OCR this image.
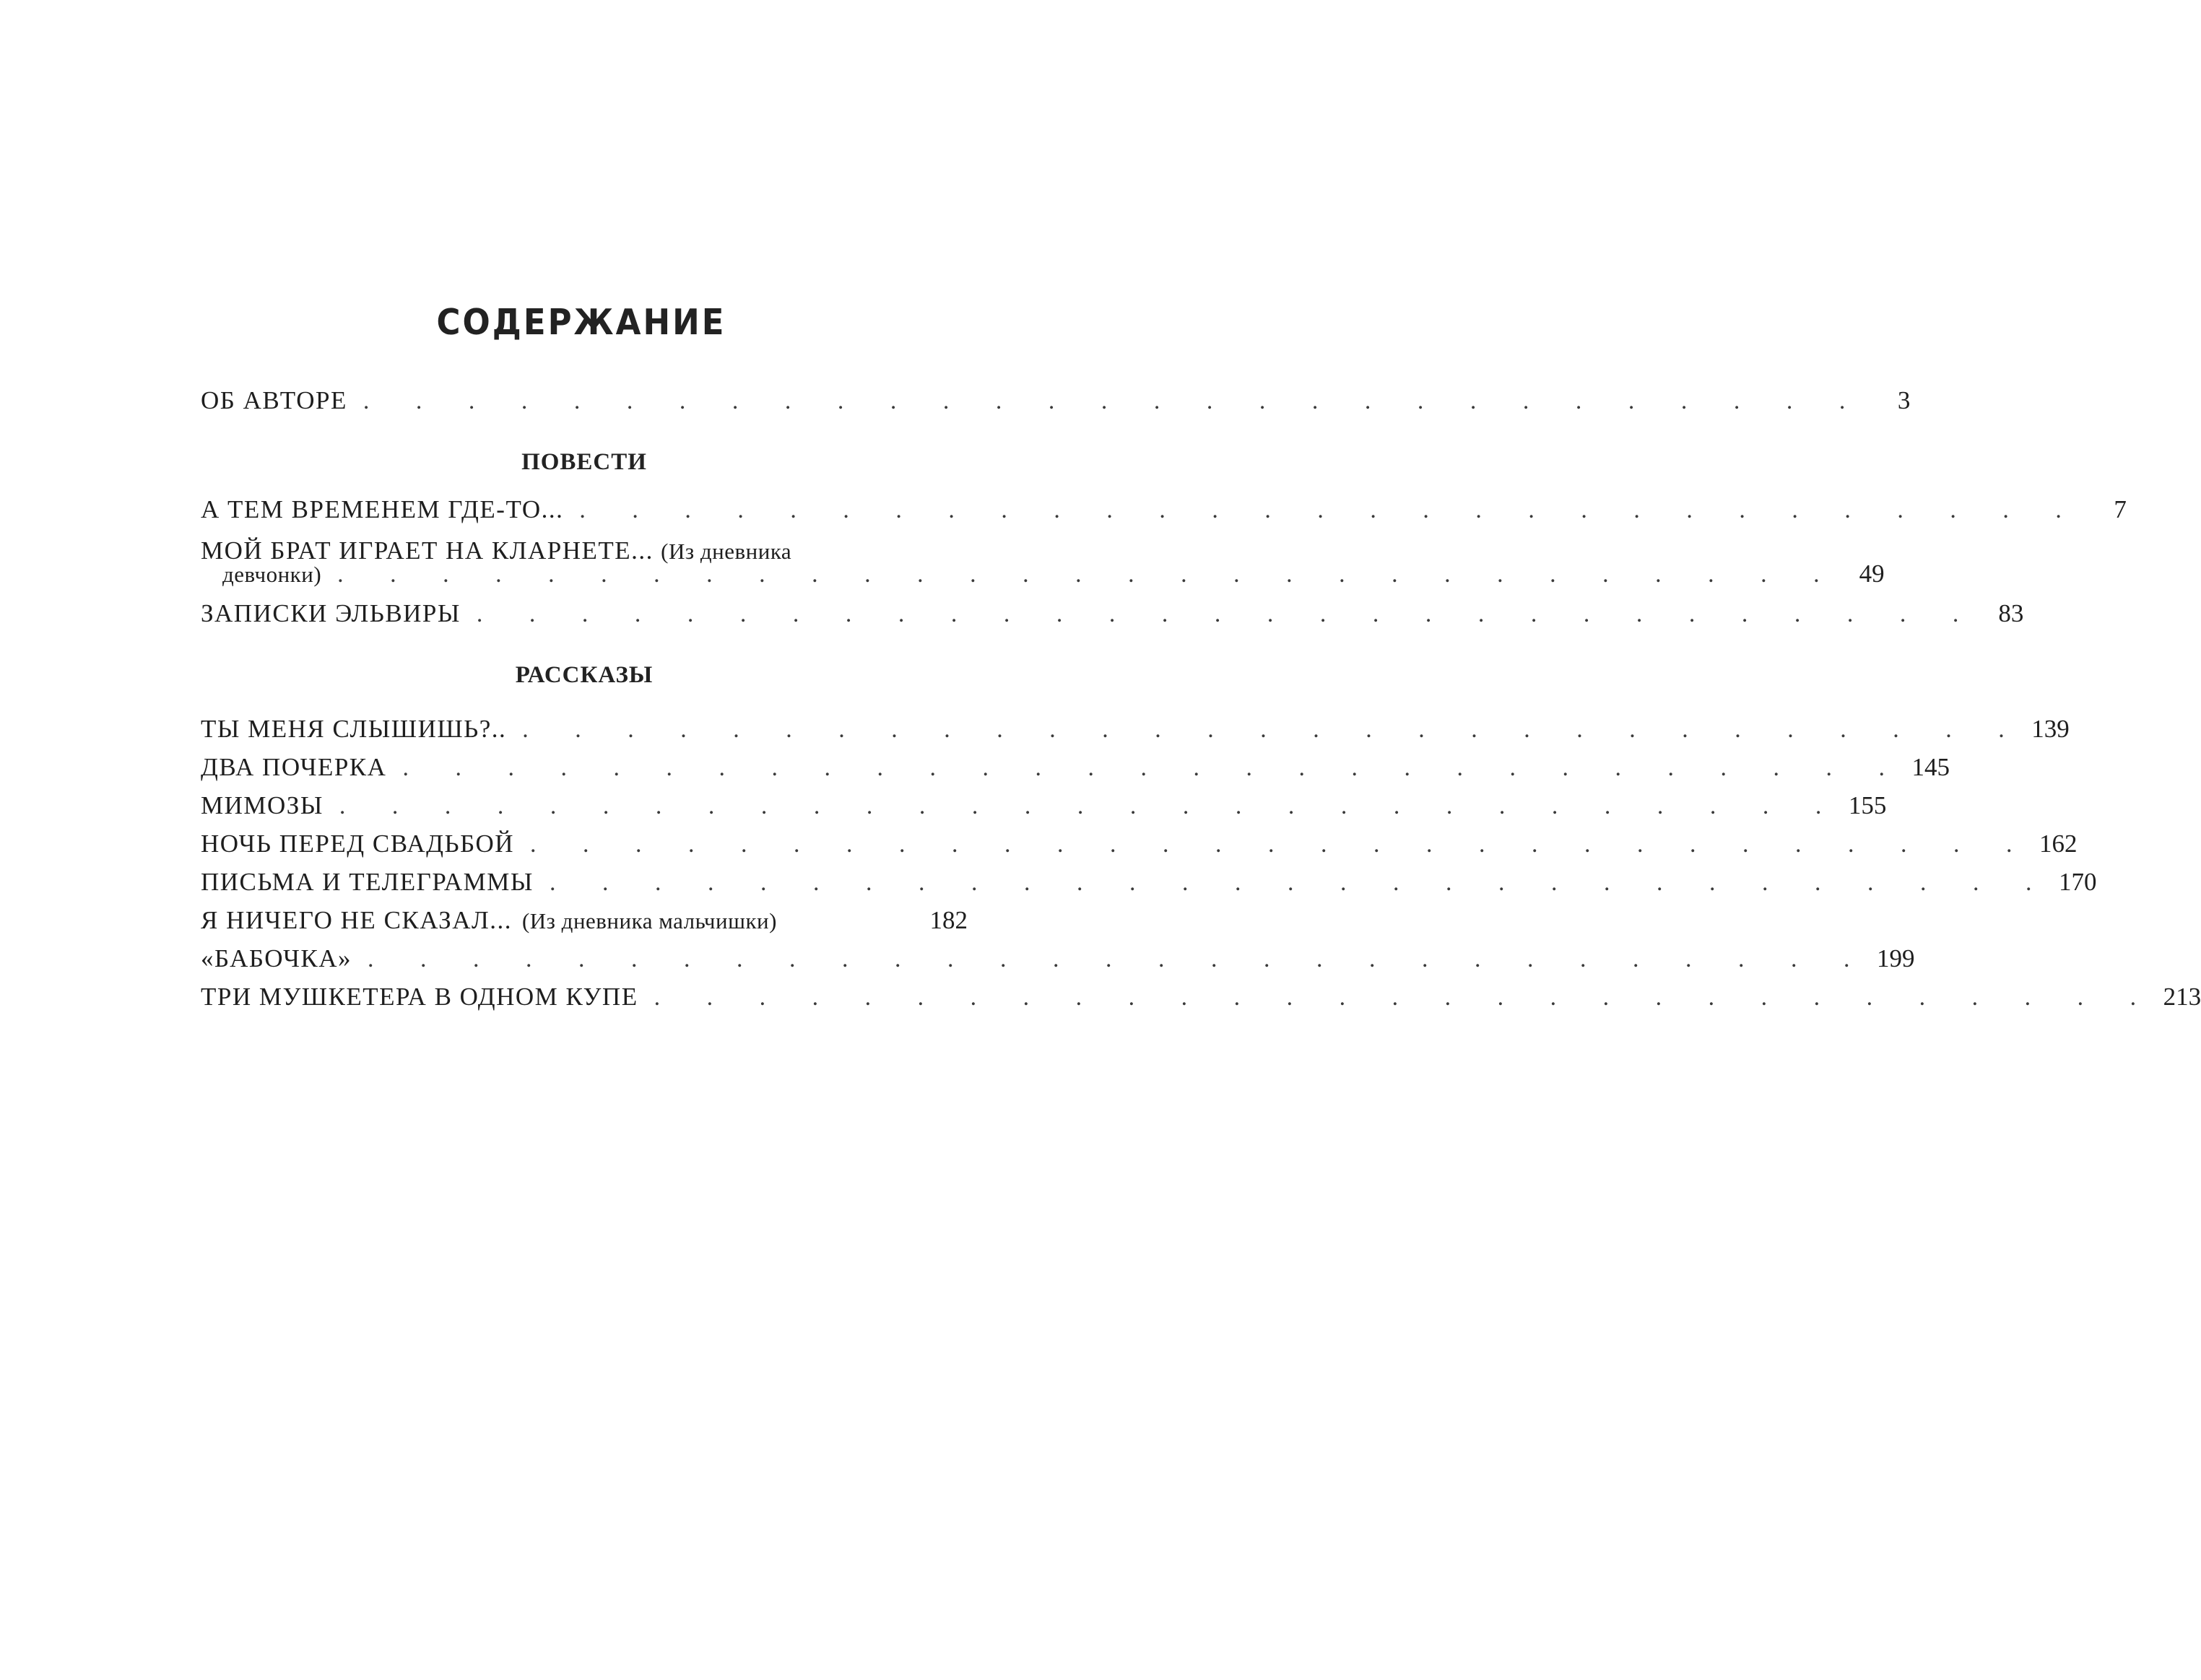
СОДЕРЖАНИЕ
ОБ АВТОРЕ . . . . . . . . . . . . . . . . . . . . . . . . . . . . .	3
ПОВЕСТИ
А ТЕМ ВРЕМЕНЕМ ГДЕ-ТО... . . . . . . . . . . . . . . . . . . . . . . . . . . . . .	7
МОЙ БРАТ ИГРАЕТ НА КЛАРНЕТЕ... (Из дневника
девчонки) . . . . . . . . . . . . . . . . . . . . . . . . . . . . . 49
ЗАПИСКИ ЭЛЬВИРЫ . . . . . . . . . . . . . . . . . . . . . . . . . . . . . 83
РАССКАЗЫ
ТЫ МЕНЯ СЛЫШИШЬ?.. . . . . . . . . . . . . . . . . . . . . . . . . . . . . . 139
ДВА ПОЧЕРКА . . . . . . . . . . . . . . . . . . . . . . . . . . . . . 145
МИМОЗЫ . . . . . . . . . . . . . . . . . . . . . . . . . . . . . 155
НОЧЬ ПЕРЕД СВАДЬБОЙ . . . . . . . . . . . . . . . . . . . . . . . . . . . . . 162
ПИСЬМА И ТЕЛЕГРАММЫ . . . . . . . . . . . . . . . . . . . . . . . . . . . . . 170
Я НИЧЕГО НЕ СКАЗАЛ... (Из дневника мальчишки)	182
«БАБОЧКА» . . . . . . . . . . . . . . . . . . . . . . . . . . . . . 199
ТРИ МУШКЕТЕРА В ОДНОМ КУПЕ . . . . . . . . . . . . . . . . . . . . . . . . . . . . . 213
